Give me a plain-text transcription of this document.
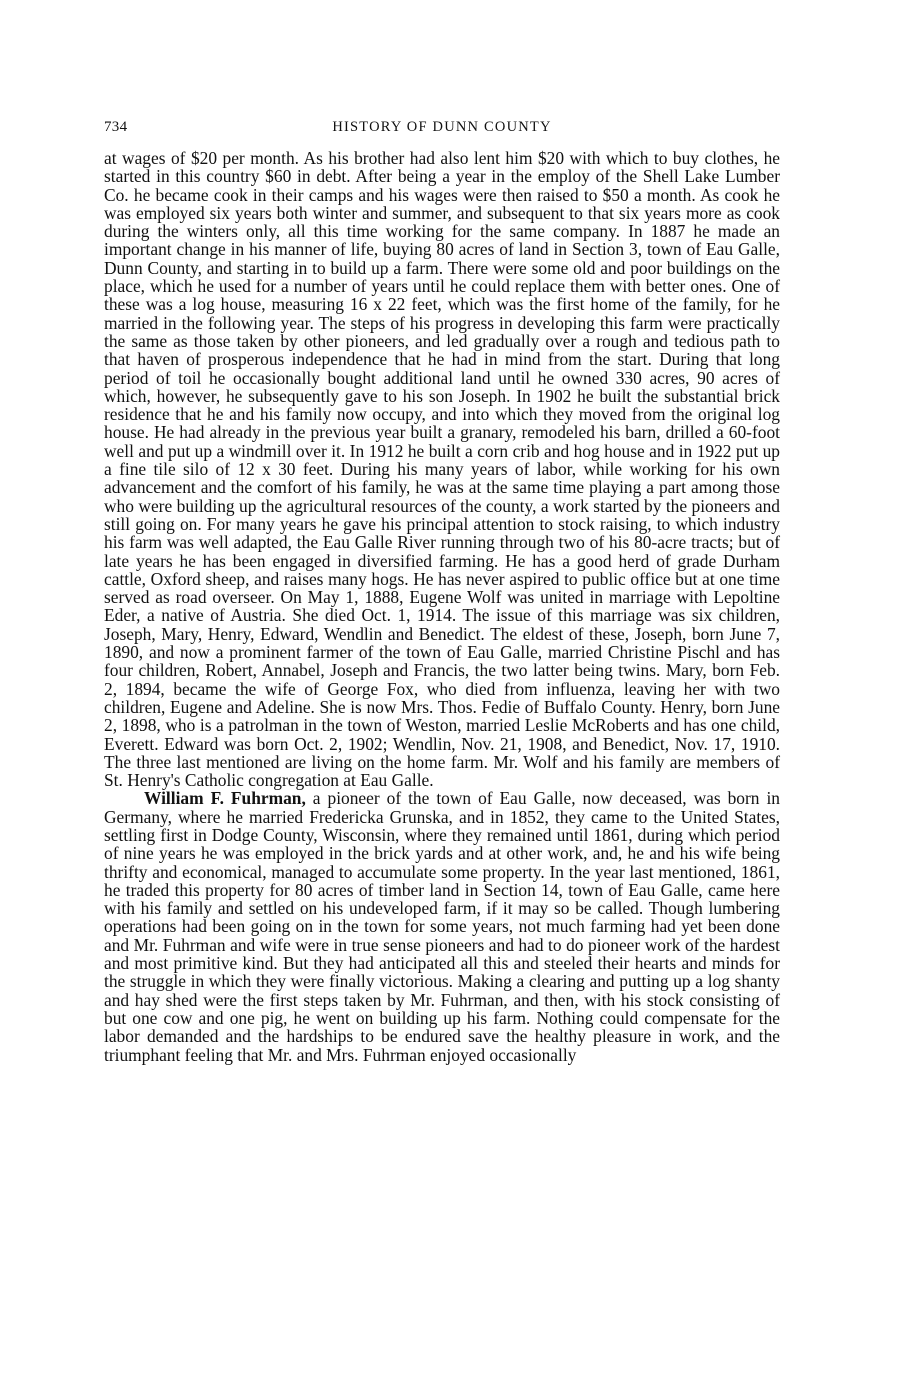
734	HISTORY OF DUNN COUNTY

at wages of $20 per month. As his brother had also lent him $20 with which to buy clothes, he started in this country $60 in debt. After being a year in the employ of the Shell Lake Lumber Co. he became cook in their camps and his wages were then raised to $50 a month. As cook he was employed six years both winter and summer, and subsequent to that six years more as cook during the winters only, all this time working for the same company. In 1887 he made an important change in his manner of life, buying 80 acres of land in Section 3, town of Eau Galle, Dunn County, and starting in to build up a farm. There were some old and poor buildings on the place, which he used for a number of years until he could replace them with better ones. One of these was a log house, measuring 16 x 22 feet, which was the first home of the family, for he married in the following year. The steps of his progress in developing this farm were practically the same as those taken by other pioneers, and led gradually over a rough and tedious path to that haven of prosperous independence that he had in mind from the start. During that long period of toil he occasionally bought additional land until he owned 330 acres, 90 acres of which, however, he subsequently gave to his son Joseph. In 1902 he built the substantial brick residence that he and his family now occupy, and into which they moved from the original log house. He had already in the previous year built a granary, remodeled his barn, drilled a 60-foot well and put up a windmill over it. In 1912 he built a corn crib and hog house and in 1922 put up a fine tile silo of 12 x 30 feet. During his many years of labor, while working for his own advancement and the comfort of his family, he was at the same time playing a part among those who were building up the agricultural resources of the county, a work started by the pioneers and still going on. For many years he gave his principal attention to stock raising, to which industry his farm was well adapted, the Eau Galle River running through two of his 80-acre tracts; but of late years he has been engaged in diversified farming. He has a good herd of grade Durham cattle, Oxford sheep, and raises many hogs. He has never aspired to public office but at one time served as road overseer. On May 1, 1888, Eugene Wolf was united in marriage with Lepoltine Eder, a native of Austria. She died Oct. 1, 1914. The issue of this marriage was six children, Joseph, Mary, Henry, Edward, Wendlin and Benedict. The eldest of these, Joseph, born June 7, 1890, and now a prominent farmer of the town of Eau Galle, married Christine Pischl and has four children, Robert, Annabel, Joseph and Francis, the two latter being twins. Mary, born Feb. 2, 1894, became the wife of George Fox, who died from influenza, leaving her with two children, Eugene and Adeline. She is now Mrs. Thos. Fedie of Buffalo County. Henry, born June 2, 1898, who is a patrolman in the town of Weston, married Leslie McRoberts and has one child, Everett. Edward was born Oct. 2, 1902; Wendlin, Nov. 21, 1908, and Benedict, Nov. 17, 1910. The three last mentioned are living on the home farm. Mr. Wolf and his family are members of St. Henry's Catholic congregation at Eau Galle.

William F. Fuhrman, a pioneer of the town of Eau Galle, now deceased, was born in Germany, where he married Fredericka Grunska, and in 1852, they came to the United States, settling first in Dodge County, Wisconsin, where they remained until 1861, during which period of nine years he was employed in the brick yards and at other work, and, he and his wife being thrifty and economical, managed to accumulate some property. In the year last mentioned, 1861, he traded this property for 80 acres of timber land in Section 14, town of Eau Galle, came here with his family and settled on his undeveloped farm, if it may so be called. Though lumbering operations had been going on in the town for some years, not much farming had yet been done and Mr. Fuhrman and wife were in true sense pioneers and had to do pioneer work of the hardest and most primitive kind. But they had anticipated all this and steeled their hearts and minds for the struggle in which they were finally victorious. Making a clearing and putting up a log shanty and hay shed were the first steps taken by Mr. Fuhrman, and then, with his stock consisting of but one cow and one pig, he went on building up his farm. Nothing could compensate for the labor demanded and the hardships to be endured save the healthy pleasure in work, and the triumphant feeling that Mr. and Mrs. Fuhrman enjoyed occasionally
